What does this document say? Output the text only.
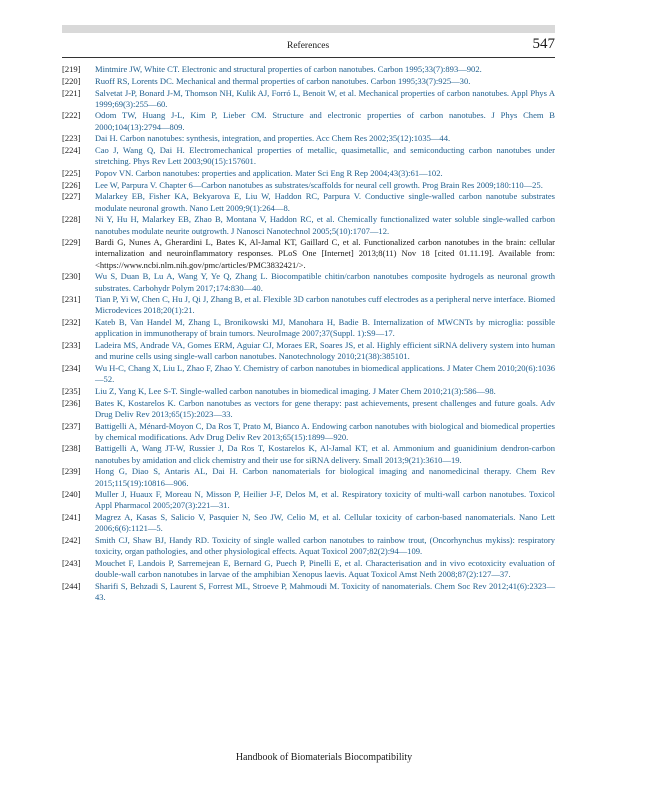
References	547
[219] Mintmire JW, White CT. Electronic and structural properties of carbon nanotubes. Carbon 1995;33(7):893—902.
[220] Ruoff RS, Lorents DC. Mechanical and thermal properties of carbon nanotubes. Carbon 1995;33(7):925—30.
[221] Salvetat J-P, Bonard J-M, Thomson NH, Kulik AJ, Forró L, Benoit W, et al. Mechanical properties of carbon nanotubes. Appl Phys A 1999;69(3):255—60.
[222] Odom TW, Huang J-L, Kim P, Lieber CM. Structure and electronic properties of carbon nanotubes. J Phys Chem B 2000;104(13):2794—809.
[223] Dai H. Carbon nanotubes: synthesis, integration, and properties. Acc Chem Res 2002;35(12):1035—44.
[224] Cao J, Wang Q, Dai H. Electromechanical properties of metallic, quasimetallic, and semiconducting carbon nanotubes under stretching. Phys Rev Lett 2003;90(15):157601.
[225] Popov VN. Carbon nanotubes: properties and application. Mater Sci Eng R Rep 2004;43(3):61—102.
[226] Lee W, Parpura V. Chapter 6—Carbon nanotubes as substrates/scaffolds for neural cell growth. Prog Brain Res 2009;180:110—25.
[227] Malarkey EB, Fisher KA, Bekyarova E, Liu W, Haddon RC, Parpura V. Conductive single-walled carbon nanotube substrates modulate neuronal growth. Nano Lett 2009;9(1):264—8.
[228] Ni Y, Hu H, Malarkey EB, Zhao B, Montana V, Haddon RC, et al. Chemically functionalized water soluble single-walled carbon nanotubes modulate neurite outgrowth. J Nanosci Nanotechnol 2005;5(10):1707—12.
[229] Bardi G, Nunes A, Gherardini L, Bates K, Al-Jamal KT, Gaillard C, et al. Functionalized carbon nanotubes in the brain: cellular internalization and neuroinflammatory responses. PLoS One [Internet] 2013;8(11) Nov 18 [cited 01.11.19]. Available from: <https://www.ncbi.nlm.nih.gov/pmc/articles/PMC3832421/>.
[230] Wu S, Duan B, Lu A, Wang Y, Ye Q, Zhang L. Biocompatible chitin/carbon nanotubes composite hydrogels as neuronal growth substrates. Carbohydr Polym 2017;174:830—40.
[231] Tian P, Yi W, Chen C, Hu J, Qi J, Zhang B, et al. Flexible 3D carbon nanotubes cuff electrodes as a peripheral nerve interface. Biomed Microdevices 2018;20(1):21.
[232] Kateb B, Van Handel M, Zhang L, Bronikowski MJ, Manohara H, Badie B. Internalization of MWCNTs by microglia: possible application in immunotherapy of brain tumors. NeuroImage 2007;37(Suppl. 1):S9—17.
[233] Ladeira MS, Andrade VA, Gomes ERM, Aguiar CJ, Moraes ER, Soares JS, et al. Highly efficient siRNA delivery system into human and murine cells using single-wall carbon nanotubes. Nanotechnology 2010;21(38):385101.
[234] Wu H-C, Chang X, Liu L, Zhao F, Zhao Y. Chemistry of carbon nanotubes in biomedical applications. J Mater Chem 2010;20(6):1036—52.
[235] Liu Z, Yang K, Lee S-T. Single-walled carbon nanotubes in biomedical imaging. J Mater Chem 2010;21(3):586—98.
[236] Bates K, Kostarelos K. Carbon nanotubes as vectors for gene therapy: past achievements, present challenges and future goals. Adv Drug Deliv Rev 2013;65(15):2023—33.
[237] Battigelli A, Ménard-Moyon C, Da Ros T, Prato M, Bianco A. Endowing carbon nanotubes with biological and biomedical properties by chemical modifications. Adv Drug Deliv Rev 2013;65(15):1899—920.
[238] Battigelli A, Wang JT-W, Russier J, Da Ros T, Kostarelos K, Al-Jamal KT, et al. Ammonium and guanidinium dendron-carbon nanotubes by amidation and click chemistry and their use for siRNA delivery. Small 2013;9(21):3610—19.
[239] Hong G, Diao S, Antaris AL, Dai H. Carbon nanomaterials for biological imaging and nanomedicinal therapy. Chem Rev 2015;115(19):10816—906.
[240] Muller J, Huaux F, Moreau N, Misson P, Heilier J-F, Delos M, et al. Respiratory toxicity of multi-wall carbon nanotubes. Toxicol Appl Pharmacol 2005;207(3):221—31.
[241] Magrez A, Kasas S, Salicio V, Pasquier N, Seo JW, Celio M, et al. Cellular toxicity of carbon-based nanomaterials. Nano Lett 2006;6(6):1121—5.
[242] Smith CJ, Shaw BJ, Handy RD. Toxicity of single walled carbon nanotubes to rainbow trout, (Oncorhynchus mykiss): respiratory toxicity, organ pathologies, and other physiological effects. Aquat Toxicol 2007;82(2):94—109.
[243] Mouchet F, Landois P, Sarremejean E, Bernard G, Puech P, Pinelli E, et al. Characterisation and in vivo ecotoxicity evaluation of double-wall carbon nanotubes in larvae of the amphibian Xenopus laevis. Aquat Toxicol Amst Neth 2008;87(2):127—37.
[244] Sharifi S, Behzadi S, Laurent S, Forrest ML, Stroeve P, Mahmoudi M. Toxicity of nanomaterials. Chem Soc Rev 2012;41(6):2323—43.
Handbook of Biomaterials Biocompatibility
